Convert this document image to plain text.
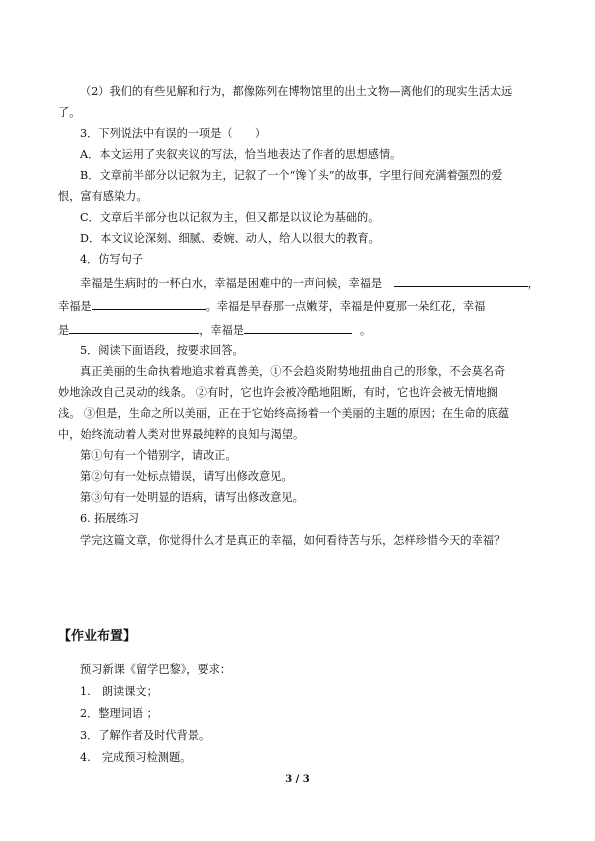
（2）我们的有些见解和行为，都像陈列在博物馆里的出土文物—离他们的现实生活太远
了。
3．下列说法中有误的一项是（　　）
A．本文运用了夹叙夹议的写法，恰当地表达了作者的思想感情。
B．文章前半部分以记叙为主，记叙了一个“馋丫头”的故事，字里行间充满着强烈的爱
恨，富有感染力。
C．文章后半部分也以记叙为主，但又都是以议论为基础的。
D．本文议论深刻、细腻、委婉、动人，给人以很大的教育。
4．仿写句子
幸福是生病时的一杯白水，幸福是困难中的一声问候，幸福是	，
幸福是	。幸福是早春那一点嫩芽，幸福是仲夏那一朵红花，幸福
是	，幸福是	。
5．阅读下面语段，按要求回答。
真正美丽的生命执着地追求着真善美，①不会趋炎附势地扭曲自己的形象，不会莫名奇
妙地涂改自己灵动的线条。 ②有时，它也许会被冷酷地阻断，有时，它也许会被无情地搁
浅。 ③但是，生命之所以美丽，正在于它始终高扬着一个美丽的主题的原因；在生命的底蕴
中，始终流动着人类对世界最纯粹的良知与渴望。
第①句有一个错别字，请改正。
第②句有一处标点错误，请写出修改意见。
第③句有一处明显的语病，请写出修改意见。
6. 拓展练习
学完这篇文章，你觉得什么才是真正的幸福，如何看待苦与乐，怎样珍惜今天的幸福？
【作业布置】
预习新课《留学巴黎》，要求：
1.　朗读课文；
2．整理词语 ；
3．了解作者及时代背景。
4.　完成预习检测题。
3 / 3
